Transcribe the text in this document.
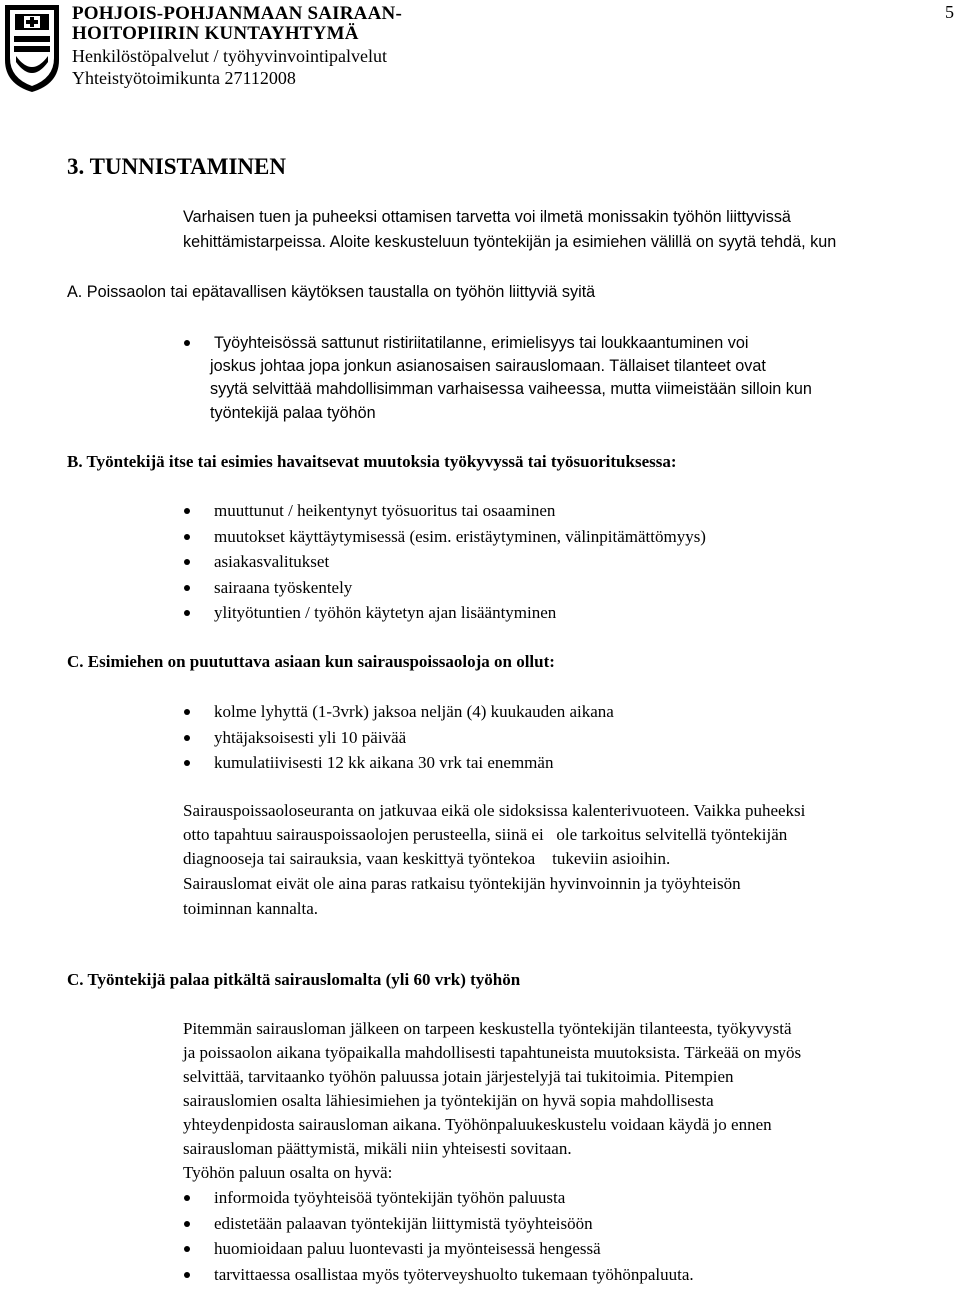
POHJOIS-POHJANMAAN SAIRAAN-
HOITOPIIRIN KUNTAYHTYMÄ
Henkilöstöpalvelut / työhyvinvointipalvelut
Yhteistyötoimikunta 27112008
5
3. TUNNISTAMINEN
Varhaisen tuen ja puheeksi ottamisen tarvetta voi ilmetä monissakin työhön liittyvissä
kehittämistarpeissa. Aloite keskusteluun työntekijän ja esimiehen välillä on syytä tehdä, kun
A. Poissaolon tai epätavallisen käytöksen taustalla on työhön liittyviä syitä
Työyhteisössä sattunut ristiriitatilanne, erimielisyys tai loukkaantuminen voi
joskus johtaa jopa jonkun asianosaisen sairauslomaan. Tällaiset tilanteet ovat
syytä selvittää mahdollisimman varhaisessa vaiheessa, mutta viimeistään silloin kun
työntekijä palaa työhön
B. Työntekijä itse tai esimies havaitsevat muutoksia työkyvyssä tai työsuorituksessa:
muuttunut / heikentynyt työsuoritus tai osaaminen
muutokset käyttäytymisessä (esim. eristäytyminen, välinpitämättömyys)
asiakasvalitukset
sairaana työskentely
ylityötuntien / työhön käytetyn ajan lisääntyminen
C. Esimiehen on puututtava asiaan kun sairauspoissaoloja on ollut:
kolme lyhyttä (1-3vrk) jaksoa neljän (4) kuukauden aikana
yhtäjaksoisesti yli 10 päivää
kumulatiivisesti 12 kk aikana 30 vrk tai enemmän
Sairauspoissaoloseuranta on jatkuvaa eikä ole sidoksissa kalenterivuoteen. Vaikka puheeksi
otto tapahtuu sairauspoissaolojen perusteella, siinä ei   ole tarkoitus selvitellä työntekijän
diagnooseja tai sairauksia, vaan keskittyä työntekoa    tukeviin asioihin.
Sairauslomat eivät ole aina paras ratkaisu työntekijän hyvinvoinnin ja työyhteisön
toiminnan kannalta.
C. Työntekijä palaa pitkältä sairauslomalta (yli 60 vrk) työhön
Pitemmän sairausloman jälkeen on tarpeen keskustella työntekijän tilanteesta, työkyvystä
ja poissaolon aikana työpaikalla mahdollisesti tapahtuneista muutoksista. Tärkeää on myös
selvittää, tarvitaanko työhön paluussa jotain järjestelyjä tai tukitoimia. Pitempien
sairauslomien osalta lähiesimiehen ja työntekijän on hyvä sopia mahdollisesta
yhteydenpidosta sairausloman aikana. Työhönpaluukeskustelu voidaan käydä jo ennen
sairausloman päättymistä, mikäli niin yhteisesti sovitaan.
Työhön paluun osalta on hyvä:
informoida työyhteisöä työntekijän työhön paluusta
edistetään palaavan työntekijän liittymistä työyhteisöön
huomioidaan paluu luontevasti ja myönteisessä hengessä
tarvittaessa osallistaa myös työterveyshuolto tukemaan työhönpaluuta.
